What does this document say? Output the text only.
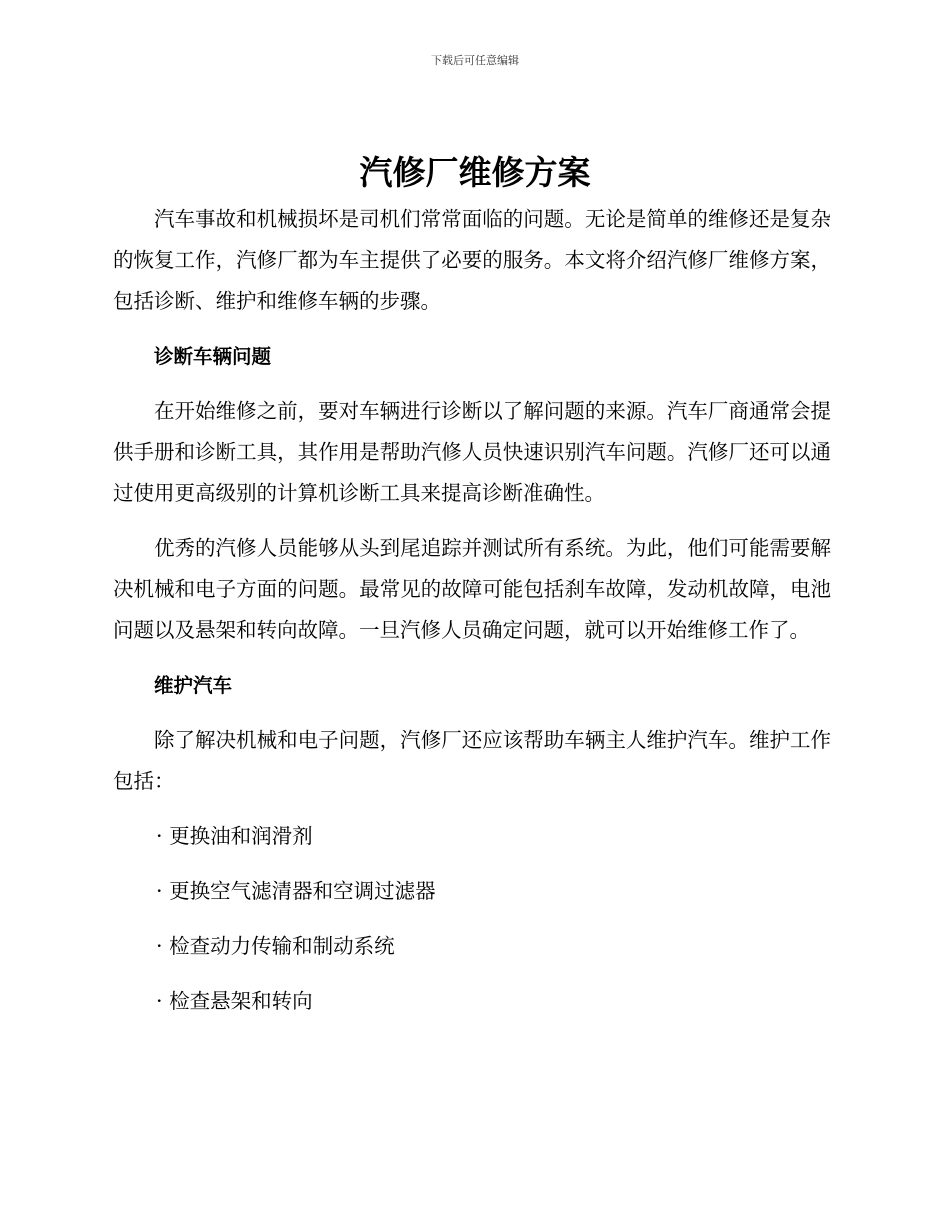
下载后可任意编辑
汽修厂维修方案

汽车事故和机械损坏是司机们常常面临的问题。无论是简单的维修还是复杂的恢复工作，汽修厂都为车主提供了必要的服务。本文将介绍汽修厂维修方案，包括诊断、维护和维修车辆的步骤。

诊断车辆问题

在开始维修之前，要对车辆进行诊断以了解问题的来源。汽车厂商通常会提供手册和诊断工具，其作用是帮助汽修人员快速识别汽车问题。汽修厂还可以通过使用更高级别的计算机诊断工具来提高诊断准确性。

优秀的汽修人员能够从头到尾追踪并测试所有系统。为此，他们可能需要解决机械和电子方面的问题。最常见的故障可能包括刹车故障，发动机故障，电池问题以及悬架和转向故障。一旦汽修人员确定问题，就可以开始维修工作了。

维护汽车

除了解决机械和电子问题，汽修厂还应该帮助车辆主人维护汽车。维护工作包括：

· 更换油和润滑剂
· 更换空气滤清器和空调过滤器
· 检查动力传输和制动系统
· 检查悬架和转向
